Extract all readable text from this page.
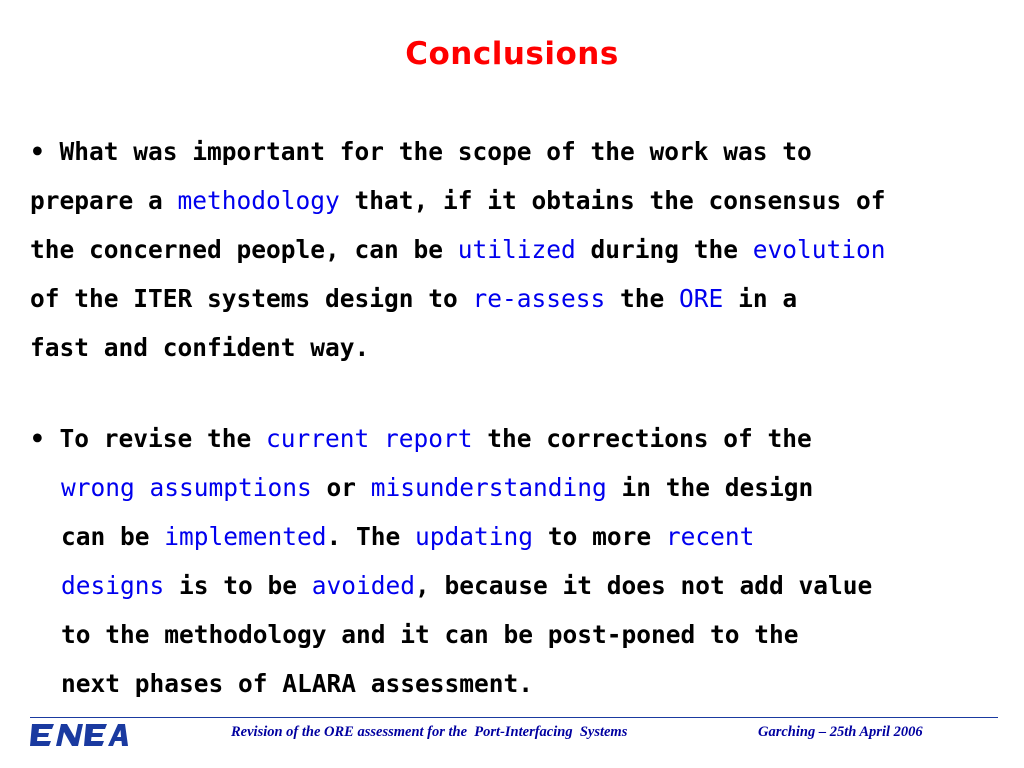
Conclusions
• What was important for the scope of the work was to
prepare a methodology that, if it obtains the consensus of
the concerned people, can be utilized during the evolution
of the ITER systems design to re-assess the ORE in a
fast and confident way.
• To revise the current report the corrections of the
wrong assumptions or misunderstanding in the design
can be implemented. The updating to more recent
designs is to be avoided, because it does not add value
to the methodology and it can be post-poned to the
next phases of ALARA assessment.
Revision of the ORE assessment for the  Port-Interfacing  Systems	Garching – 25th April 2006
